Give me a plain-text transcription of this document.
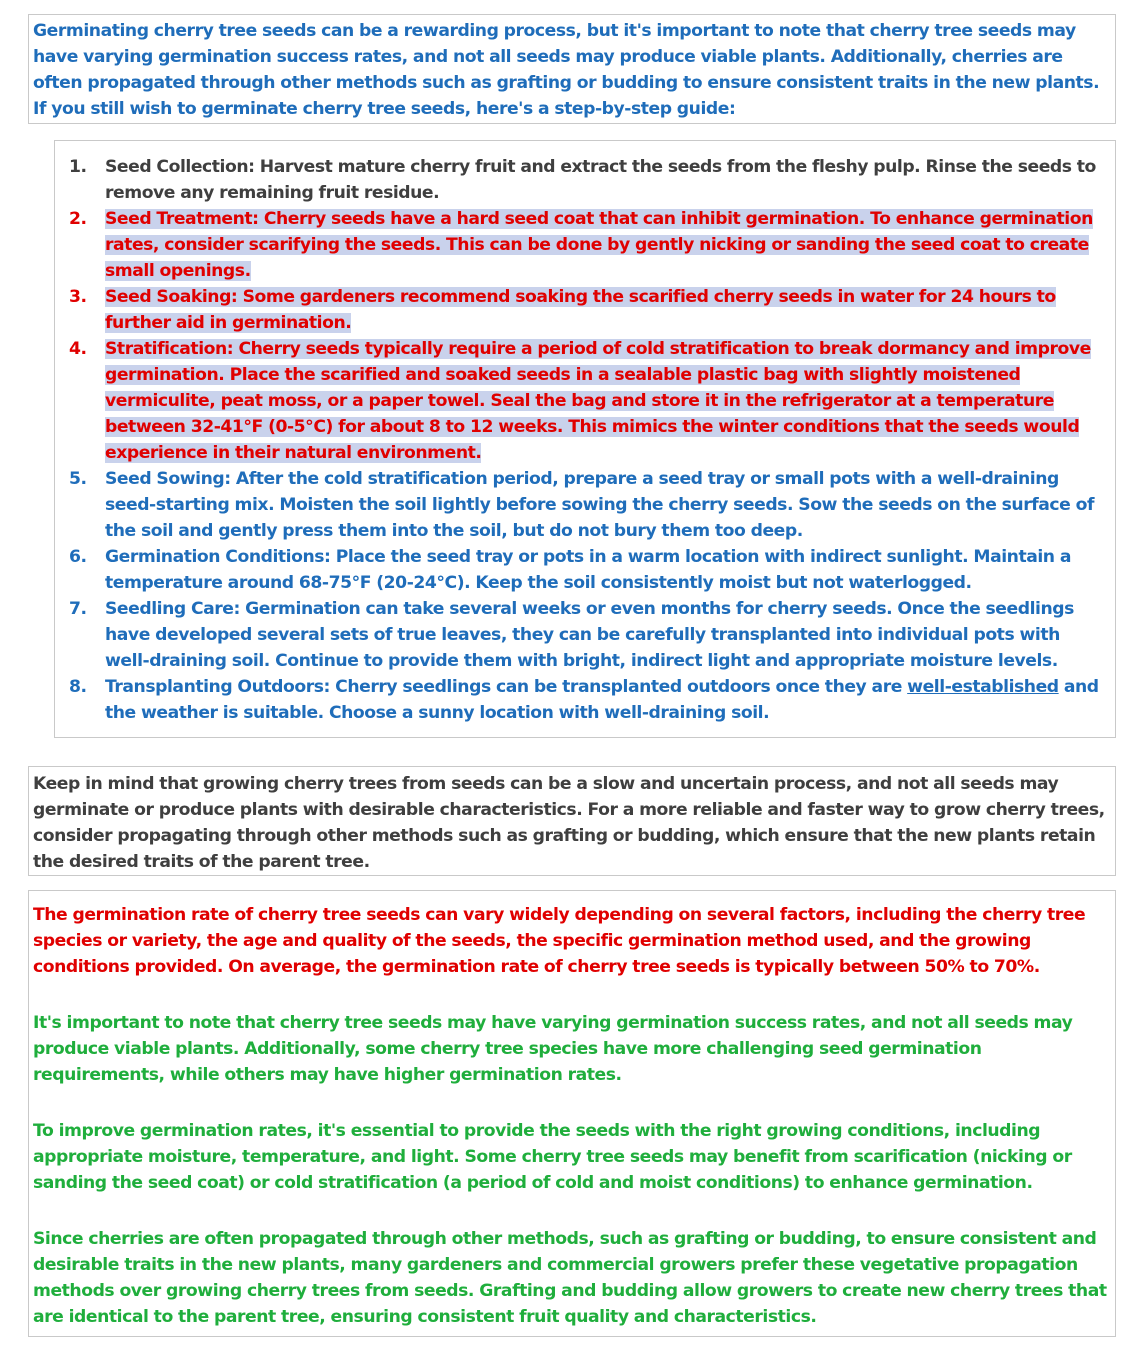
Germinating cherry tree seeds can be a rewarding process, but it's important to note that cherry tree seeds may have varying germination success rates, and not all seeds may produce viable plants. Additionally, cherries are often propagated through other methods such as grafting or budding to ensure consistent traits in the new plants. If you still wish to germinate cherry tree seeds, here's a step-by-step guide:

1.	Seed Collection: Harvest mature cherry fruit and extract the seeds from the fleshy pulp. Rinse the seeds to remove any remaining fruit residue.
2.	Seed Treatment: Cherry seeds have a hard seed coat that can inhibit germination. To enhance germination rates, consider scarifying the seeds. This can be done by gently nicking or sanding the seed coat to create small openings.
3.	Seed Soaking: Some gardeners recommend soaking the scarified cherry seeds in water for 24 hours to further aid in germination.
4.	Stratification: Cherry seeds typically require a period of cold stratification to break dormancy and improve germination. Place the scarified and soaked seeds in a sealable plastic bag with slightly moistened vermiculite, peat moss, or a paper towel. Seal the bag and store it in the refrigerator at a temperature between 32-41°F (0-5°C) for about 8 to 12 weeks. This mimics the winter conditions that the seeds would experience in their natural environment.
5.	Seed Sowing: After the cold stratification period, prepare a seed tray or small pots with a well-draining seed-starting mix. Moisten the soil lightly before sowing the cherry seeds. Sow the seeds on the surface of the soil and gently press them into the soil, but do not bury them too deep.
6.	Germination Conditions: Place the seed tray or pots in a warm location with indirect sunlight. Maintain a temperature around 68-75°F (20-24°C). Keep the soil consistently moist but not waterlogged.
7.	Seedling Care: Germination can take several weeks or even months for cherry seeds. Once the seedlings have developed several sets of true leaves, they can be carefully transplanted into individual pots with well-draining soil. Continue to provide them with bright, indirect light and appropriate moisture levels.
8.	Transplanting Outdoors: Cherry seedlings can be transplanted outdoors once they are well-established and the weather is suitable. Choose a sunny location with well-draining soil.

Keep in mind that growing cherry trees from seeds can be a slow and uncertain process, and not all seeds may germinate or produce plants with desirable characteristics. For a more reliable and faster way to grow cherry trees, consider propagating through other methods such as grafting or budding, which ensure that the new plants retain the desired traits of the parent tree.

The germination rate of cherry tree seeds can vary widely depending on several factors, including the cherry tree species or variety, the age and quality of the seeds, the specific germination method used, and the growing conditions provided. On average, the germination rate of cherry tree seeds is typically between 50% to 70%.

It's important to note that cherry tree seeds may have varying germination success rates, and not all seeds may produce viable plants. Additionally, some cherry tree species have more challenging seed germination requirements, while others may have higher germination rates.

To improve germination rates, it's essential to provide the seeds with the right growing conditions, including appropriate moisture, temperature, and light. Some cherry tree seeds may benefit from scarification (nicking or sanding the seed coat) or cold stratification (a period of cold and moist conditions) to enhance germination.

Since cherries are often propagated through other methods, such as grafting or budding, to ensure consistent and desirable traits in the new plants, many gardeners and commercial growers prefer these vegetative propagation methods over growing cherry trees from seeds. Grafting and budding allow growers to create new cherry trees that are identical to the parent tree, ensuring consistent fruit quality and characteristics.
